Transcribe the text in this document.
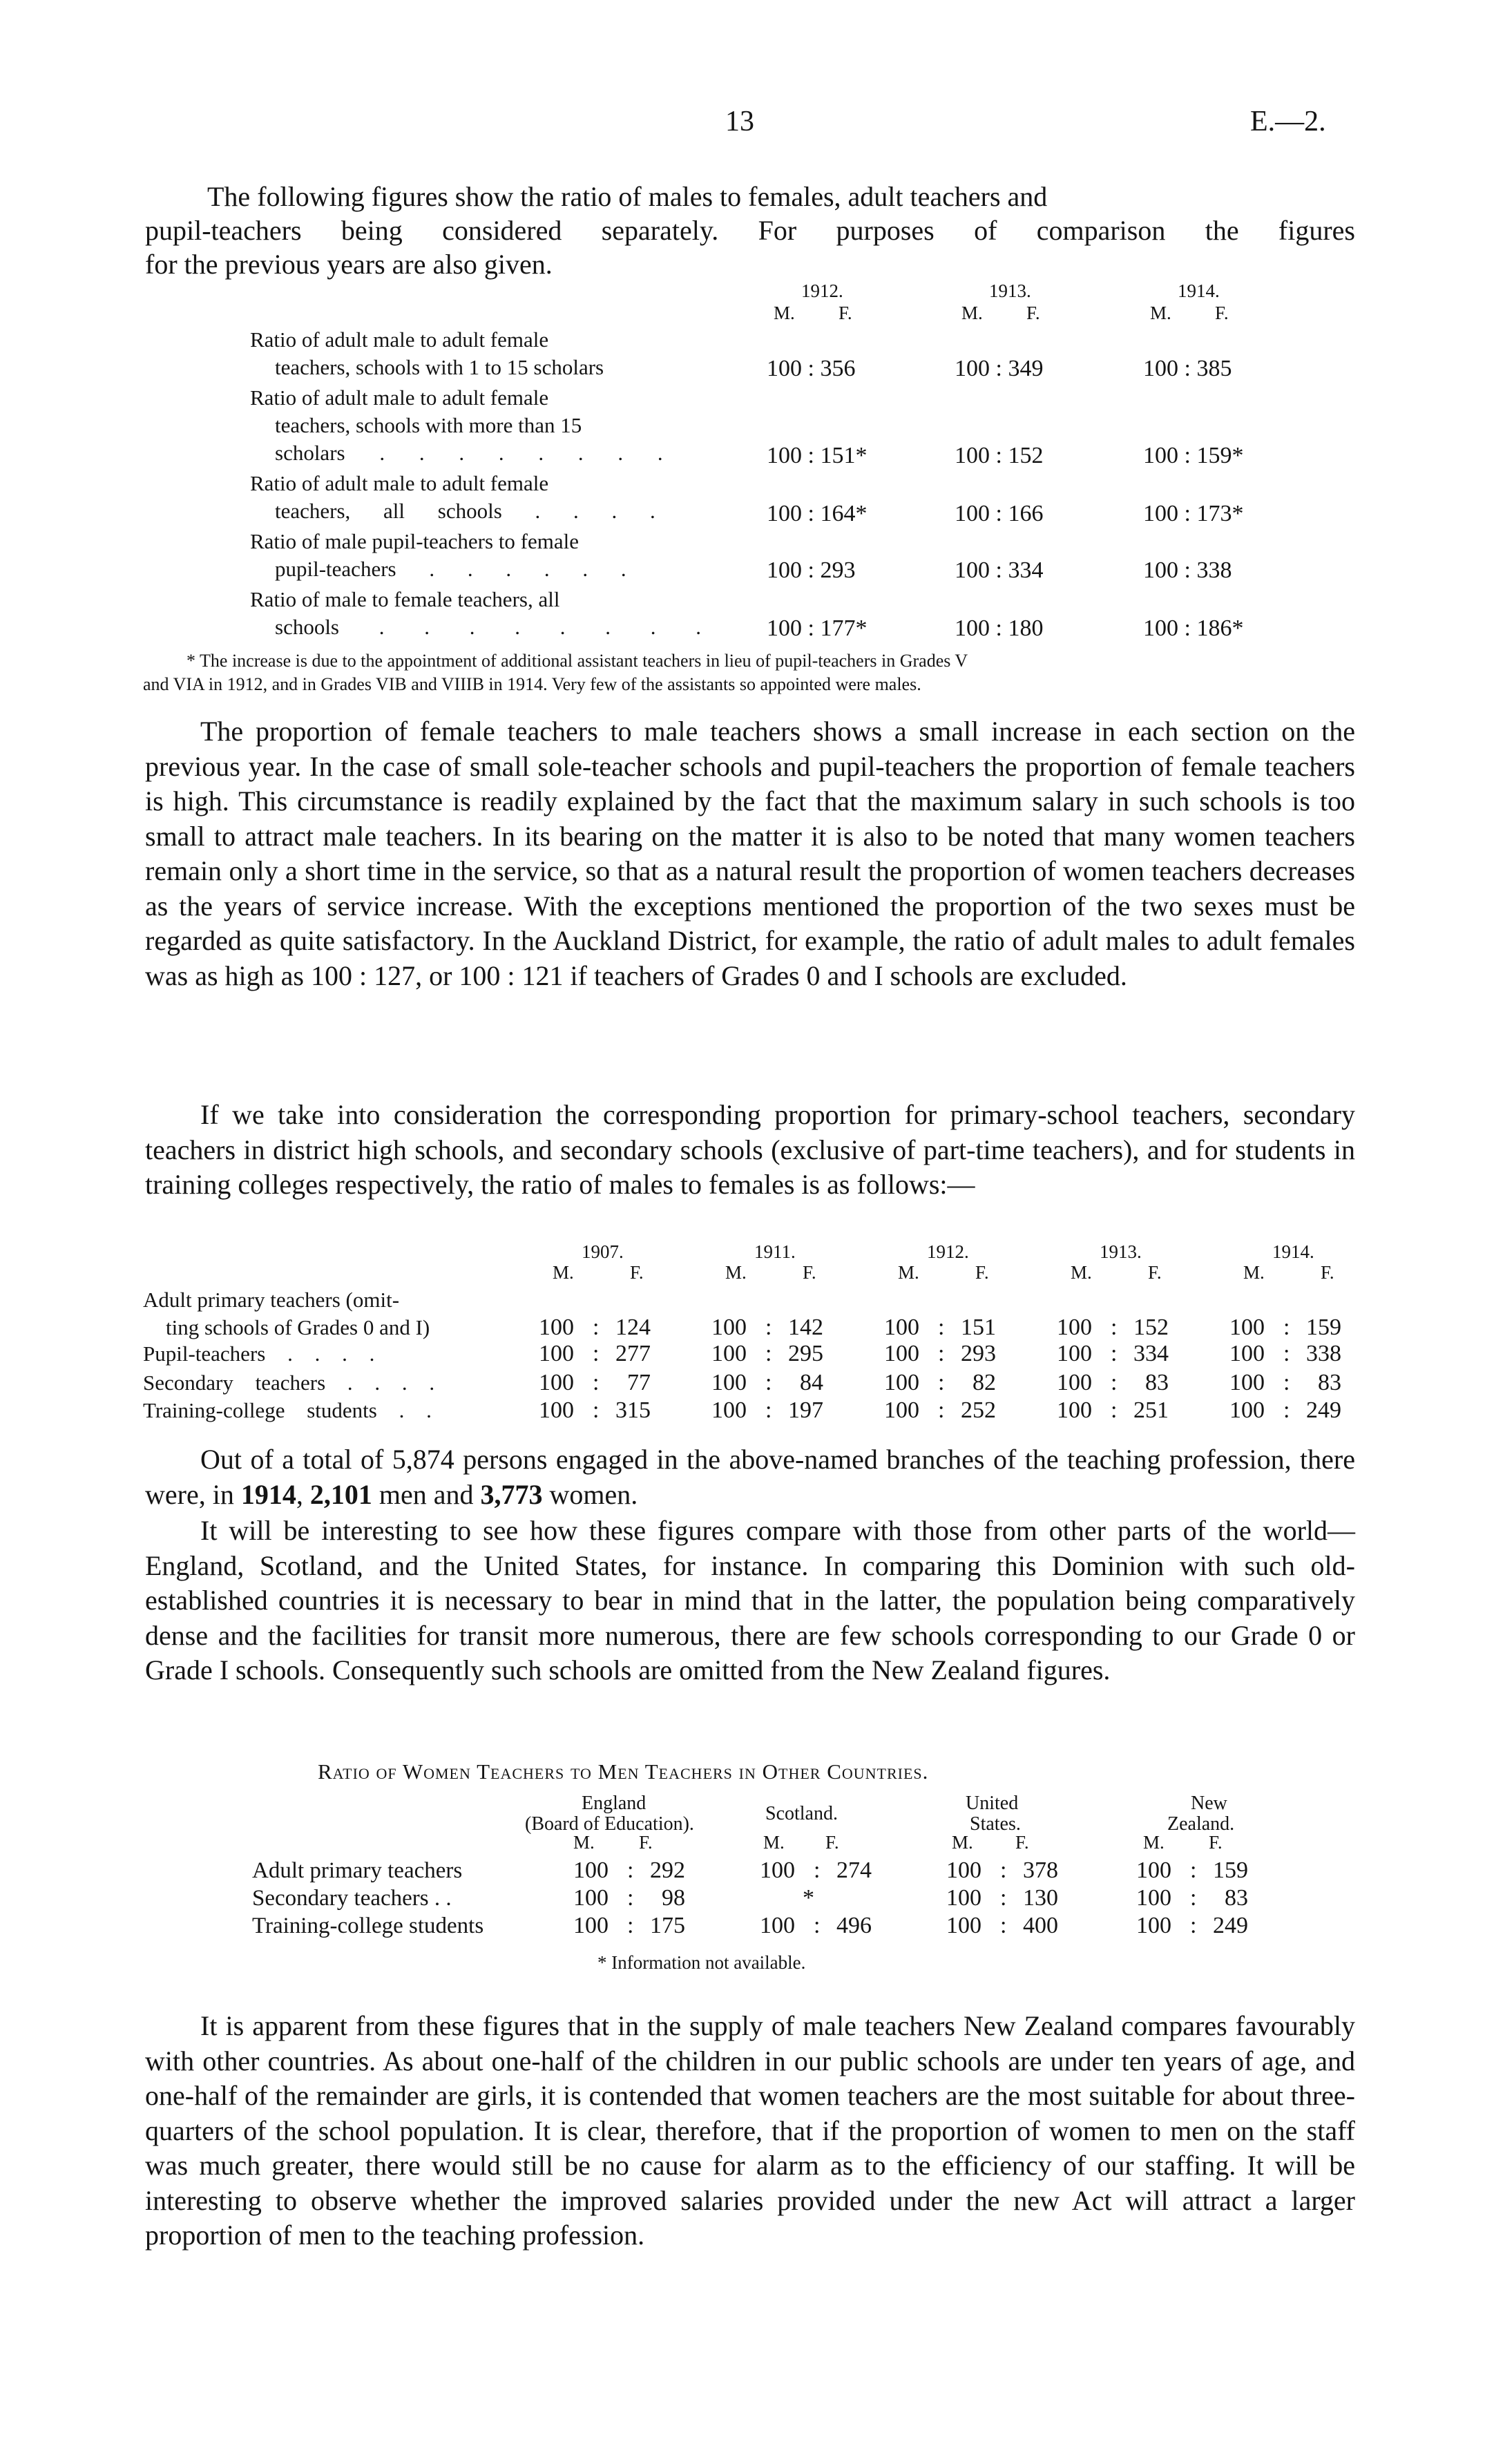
13	E.—2.
The following figures show the ratio of males to females, adult teachers and
pupil-teachers being considered separately. For purposes of comparison the figures
for the previous years are also given.
1912.	1913.	1914.
M. F.	M. F.	M. F.
Ratio of adult male to adult female
teachers, schools with 1 to 15 scholars	100 : 356	100 : 349	100 : 385
Ratio of adult male to adult female
teachers, schools with more than 15
scholars . . . . . . . .	100 : 151*	100 : 152	100 : 159*
Ratio of adult male to adult female
teachers, all schools . . . .	100 : 164*	100 : 166	100 : 173*
Ratio of male pupil-teachers to female
pupil-teachers . . . . . .	100 : 293	100 : 334	100 : 338
Ratio of male to female teachers, all
schools . . . . . . . .	100 : 177*	100 : 180	100 : 186*
* The increase is due to the appointment of additional assistant teachers in lieu of pupil-teachers in Grades V
and VIA in 1912, and in Grades VIB and VIIIB in 1914. Very few of the assistants so appointed were males.

The proportion of female teachers to male teachers shows a small increase in each section on the previous year. In the case of small sole-teacher schools and pupil-teachers the proportion of female teachers is high. This circumstance is readily explained by the fact that the maximum salary in such schools is too small to attract male teachers. In its bearing on the matter it is also to be noted that many women teachers remain only a short time in the service, so that as a natural result the proportion of women teachers decreases as the years of service increase. With the exceptions mentioned the proportion of the two sexes must be regarded as quite satisfactory. In the Auckland District, for example, the ratio of adult males to adult females was as high as 100 : 127, or 100 : 121 if teachers of Grades 0 and I schools are excluded.

If we take into consideration the corresponding proportion for primary-school teachers, secondary teachers in district high schools, and secondary schools (exclusive of part-time teachers), and for students in training colleges respectively, the ratio of males to females is as follows:—

1907.	1911.	1912.	1913.	1914.
M.	F.	M.	F.	M.	F.	M.	F.	M.	F.
Adult primary teachers (omit-
ting schools of Grades 0 and I)	100 : 124	100 : 142	100 : 151	100 : 152	100 : 159
Pupil-teachers . . . .	100 : 277	100 : 295	100 : 293	100 : 334	100 : 338
Secondary teachers . . . .	100 :	77	100 :	84	100 :	82	100 :	83	100 :	83
Training-college students . .	100 : 315	100 : 197	100 : 252	100 : 251	100 : 249

Out of a total of 5,874 persons engaged in the above-named branches of the teaching profession, there were, in 1914, 2,101 men and 3,773 women.

It will be interesting to see how these figures compare with those from other parts of the world—England, Scotland, and the United States, for instance. In comparing this Dominion with such old-established countries it is necessary to bear in mind that in the latter, the population being comparatively dense and the facilities for transit more numerous, there are few schools corresponding to our Grade 0 or Grade I schools. Consequently such schools are omitted from the New Zealand figures.

Ratio of Women Teachers to Men Teachers in Other Countries.
England
(Board of Education).	Scotland.	United
States.
New
Zealand.
M. F.	M. F.	M. F.	M. F.
Adult primary teachers	100 : 292	100 : 274	100 : 378	100 : 159
Secondary teachers . .	100 :	98	*	100 : 130	100 :	83
Training-college students	100 : 175	100 : 496	100 : 400	100 : 249
* Information not available.

It is apparent from these figures that in the supply of male teachers New Zealand compares favourably with other countries. As about one-half of the children in our public schools are under ten years of age, and one-half of the remainder are girls, it is contended that women teachers are the most suitable for about three-quarters of the school population. It is clear, therefore, that if the proportion of women to men on the staff was much greater, there would still be no cause for alarm as to the efficiency of our staffing. It will be interesting to observe whether the improved salaries provided under the new Act will attract a larger proportion of men to the teaching profession.
